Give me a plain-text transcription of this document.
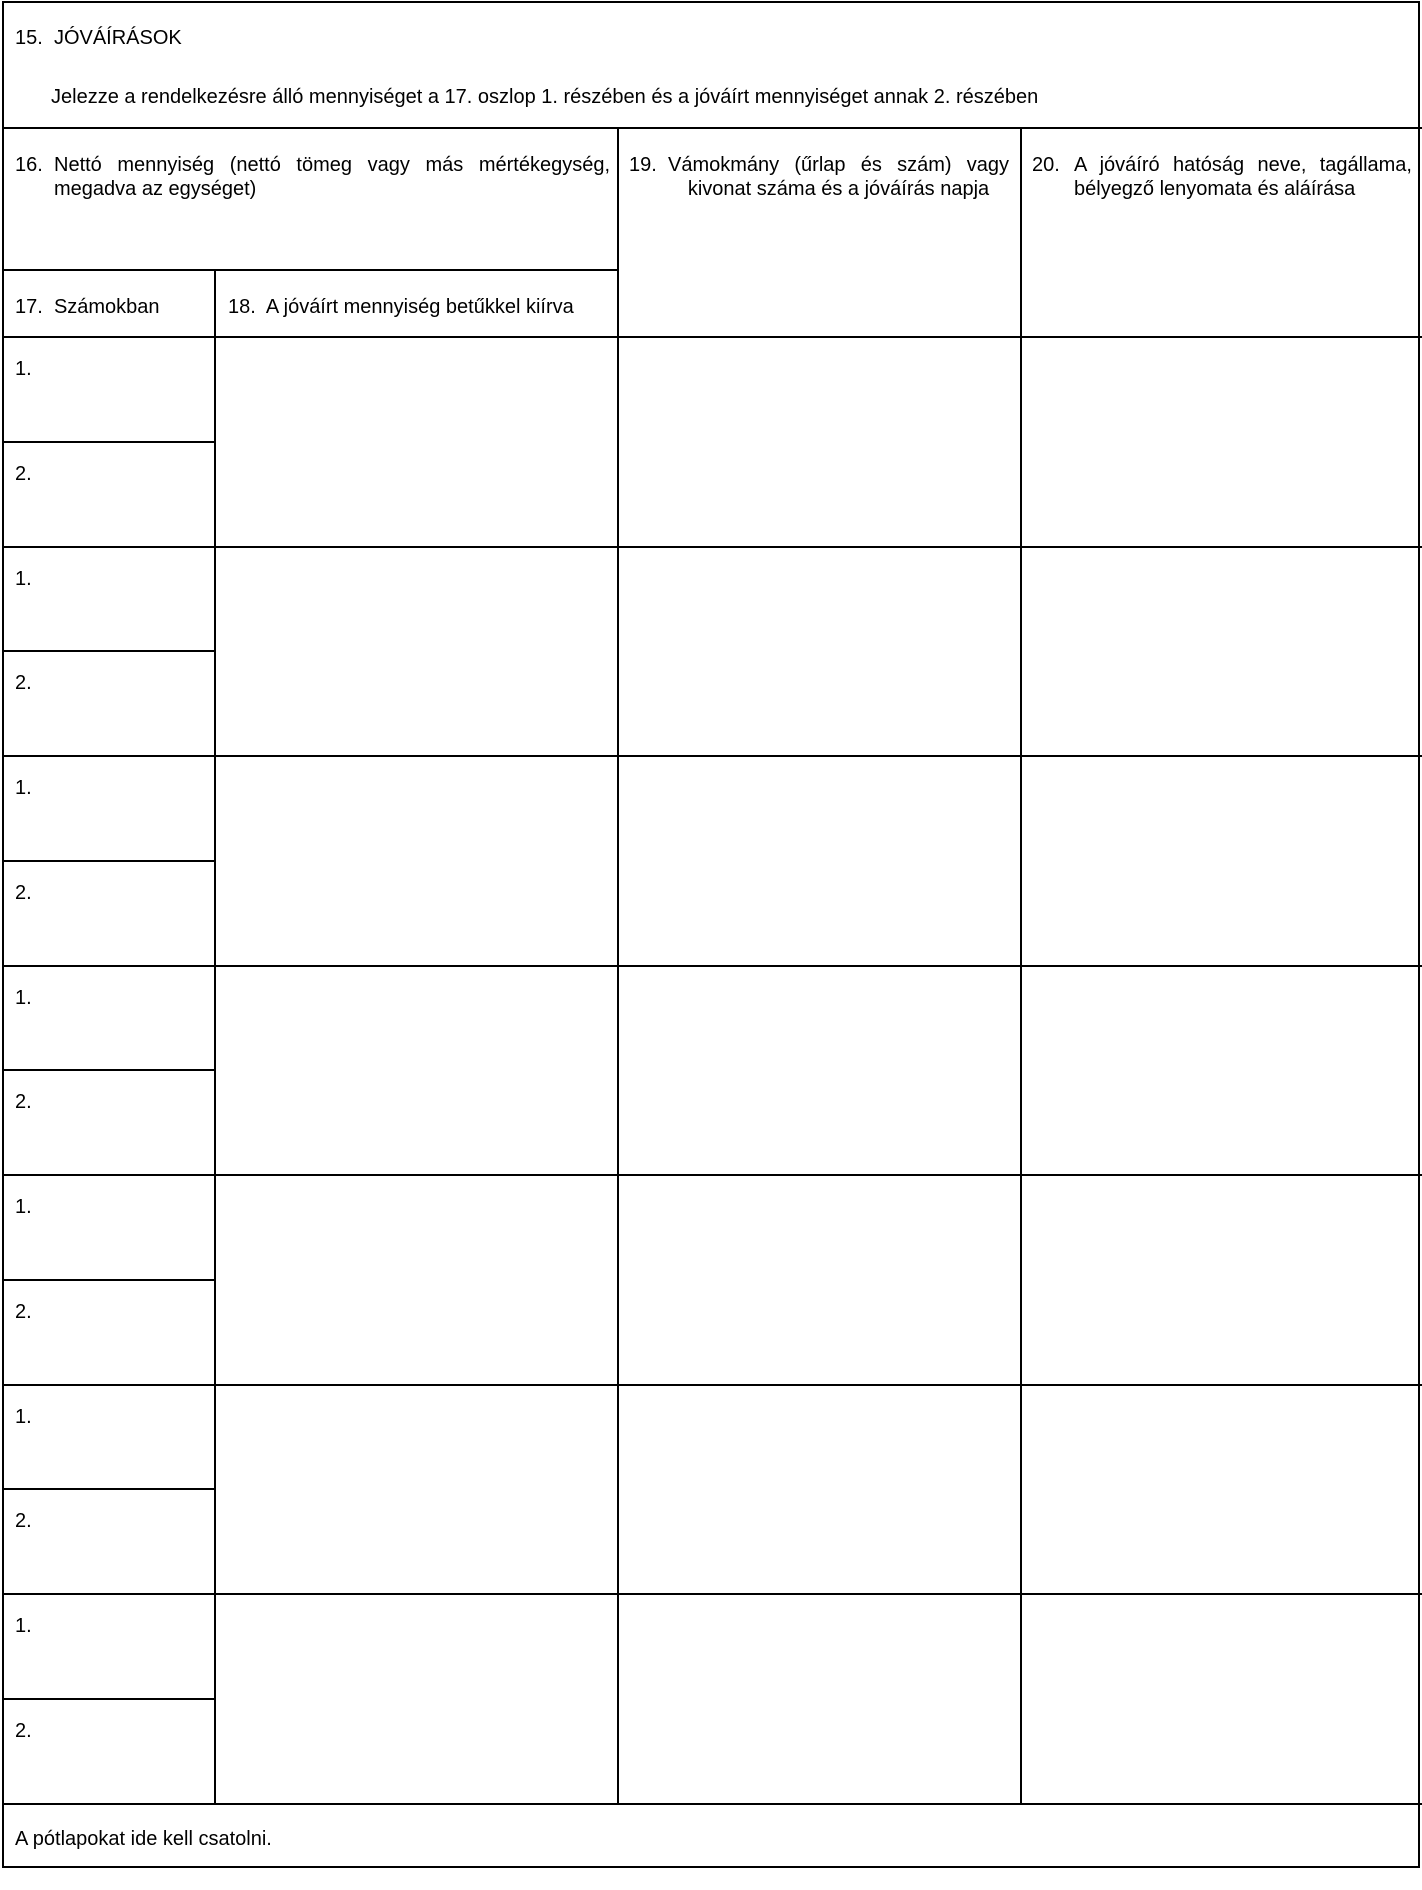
15. JÓVÁÍRÁSOK
Jelezze a rendelkezésre álló mennyiséget a 17. oszlop 1. részében és a jóváírt mennyiséget annak 2. részében
16. Nettó mennyiség (nettó tömeg vagy más mértékegység, megadva az egységet)
19. Vámokmány (űrlap és szám) vagy kivonat száma és a jóváírás napja
20. A jóváíró hatóság neve, tagállama, bélyegző lenyomata és aláírása
17. Számokban	18. A jóváírt mennyiség betűkkel kiírva
1.
2.
1.
2.
1.
2.
1.
2.
1.
2.
1.
2.
1.
2.
A pótlapokat ide kell csatolni.
